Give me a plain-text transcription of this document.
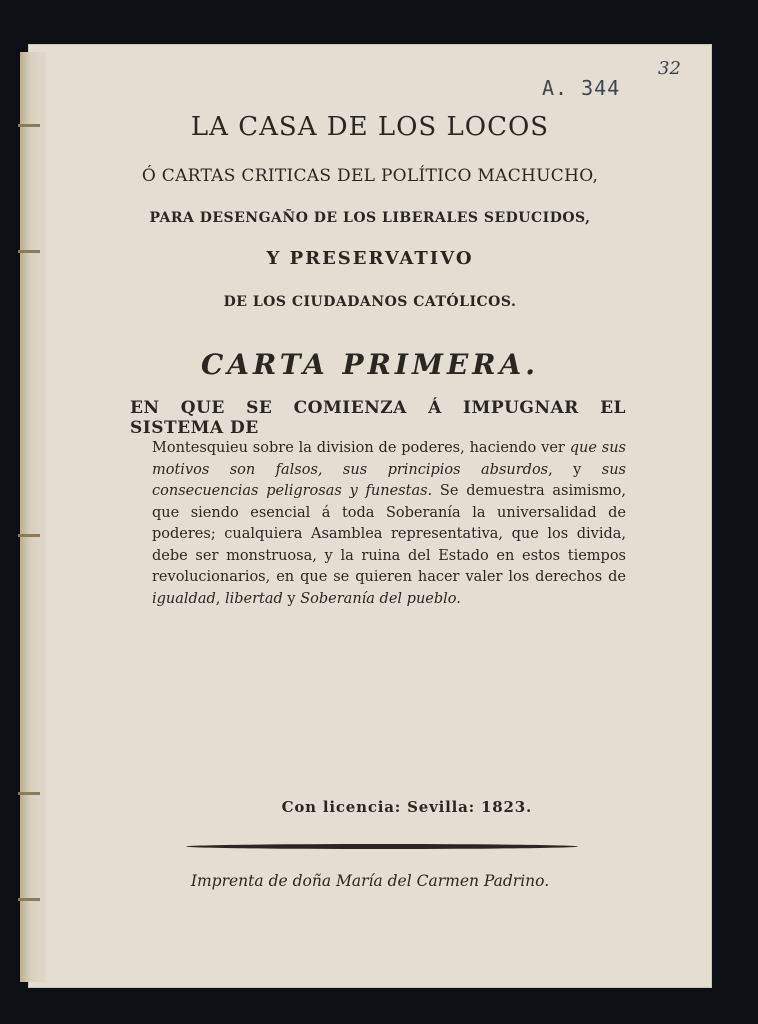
A. 344
32
LA CASA DE LOS LOCOS
Ó CARTAS CRITICAS DEL POLÍTICO MACHUCHO,
PARA DESENGAÑO DE LOS LIBERALES SEDUCIDOS,
Y PRESERVATIVO
DE LOS CIUDADANOS CATÓLICOS.
CARTA PRIMERA.
EN QUE SE COMIENZA Á IMPUGNAR EL SISTEMA DE
Montesquieu sobre la division de poderes, haciendo ver que sus motivos son falsos, sus principios absurdos, y sus consecuencias peligrosas y funestas. Se demuestra asimismo, que siendo esencial á toda Soberanía la universalidad de poderes; cualquiera Asamblea representativa, que los divida, debe ser monstruosa, y la ruina del Estado en estos tiempos revolucionarios, en que se quieren hacer valer los derechos de igualdad, libertad y Soberanía del pueblo.
Con licencia: Sevilla: 1823.
Imprenta de doña María del Carmen Padrino.
